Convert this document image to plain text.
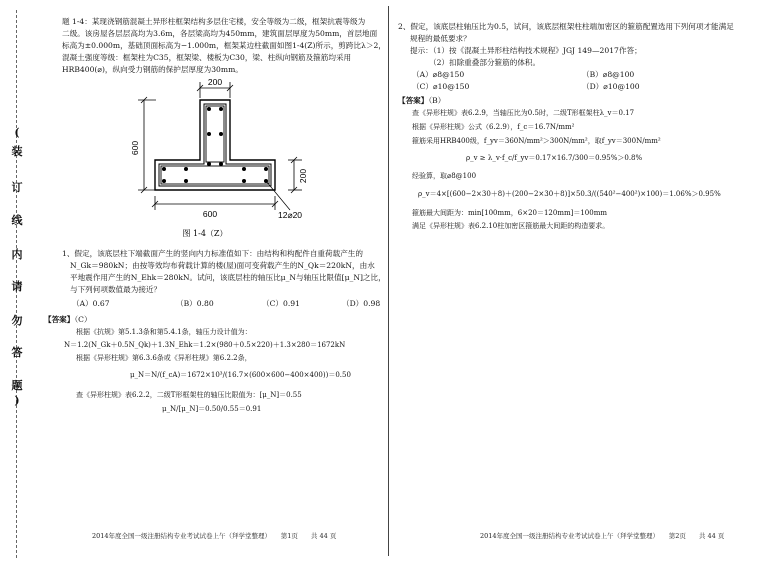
(
装
订
线
内
请
勿
答
题
)
题 1-4：某现浇钢筋混凝土异形柱框架结构多层住宅楼，安全等级为二级，框架抗震等级为
二级。该房屋各层层高均为3.6m，各层梁高均为450mm，建筑面层厚度为50mm，首层地面
标高为±0.000m，基础顶面标高为−1.000m，框架某边柱截面如图1-4(Z)所示，剪跨比λ＞2，
混凝土强度等级：框架柱为C35，框架梁、楼板为C30，梁、柱纵向钢筋及箍筋均采用
HRB400(⌀)，纵向受力钢筋的保护层厚度为30mm。
200
600
200
600	12⌀20
图 1-4（Z）
1、假定，该底层柱下端截面产生的竖向内力标准值如下：由结构和构配件自重荷载产生的
N_Gk＝980kN；由按等效均布荷载计算的楼(屋)面可变荷载产生的N_Qk＝220kN，由水
平地震作用产生的N_Ehk＝280kN。试问，该底层柱的轴压比μ_N与轴压比限值[μ_N]之比，
与下列何项数值最为接近？
（A）0.67	（B）0.80	（C）0.91	（D）0.98
【答案】（C）
根据《抗规》第5.1.3条和第5.4.1条，轴压力设计值为：
N＝1.2(N_Gk＋0.5N_Qk)＋1.3N_Ehk＝1.2×(980＋0.5×220)＋1.3×280＝1672kN
根据《异形柱规》第6.3.6条或《异形柱规》第6.2.2条，
μ_N＝N/(f_cA)＝1672×10³/(16.7×(600×600−400×400))＝0.50
查《异形柱规》表6.2.2，二级T形框架柱的轴压比限值为：[μ_N]＝0.55
μ_N/[μ_N]＝0.50/0.55＝0.91
2014年度全国一级注册结构专业考试试卷上午（拜学堂整理）　　第1页　　共 44 页
2、假定，该底层柱轴压比为0.5，试问，该底层框架柱柱端加密区的箍筋配置选用下列何项才能满足
规程的最低要求？
提示：（1）按《混凝土异形柱结构技术规程》JGJ 149—2017作答；
　　　（2）扣除重叠部分箍筋的体积。
（A）⌀8@150	（B）⌀8@100
（C）⌀10@150	（D）⌀10@100
【答案】（B）
查《异形柱规》表6.2.9，当轴压比为0.5时，二级T形框架柱λ_v＝0.17
根据《异形柱规》公式（6.2.9），f_c＝16.7N/mm²
箍筋采用HRB400级，f_yv＝360N/mm²＞300N/mm²，取f_yv＝300N/mm²
ρ_v ≥ λ_v·f_c/f_yv＝0.17×16.7/300＝0.95%＞0.8%
经验算，取⌀8@100
ρ_v＝4×[(600−2×30＋8)＋(200−2×30＋8)]×50.3/((540²−400²)×100)＝1.06%＞0.95%
箍筋最大间距为：min[100mm，6×20＝120mm]＝100mm
满足《异形柱规》表6.2.10柱加密区箍筋最大间距的构造要求。
2014年度全国一级注册结构专业考试试卷上午（拜学堂整理）　　第2页　　共 44 页
